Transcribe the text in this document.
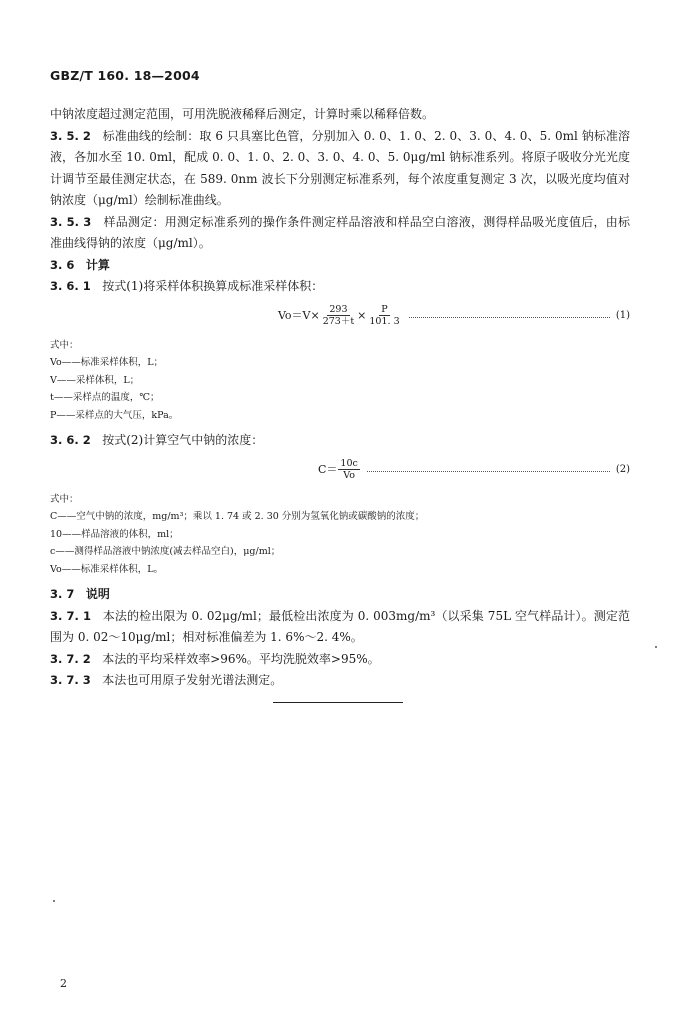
GBZ/T 160. 18—2004

中钠浓度超过测定范围，可用洗脱液稀释后测定，计算时乘以稀释倍数。

3. 5. 2 标准曲线的绘制：取 6 只具塞比色管，分别加入 0. 0、1. 0、2. 0、3. 0、4. 0、5. 0ml 钠标准溶液，各加水至 10. 0ml，配成 0. 0、1. 0、2. 0、3. 0、4. 0、5. 0μg/ml 钠标准系列。将原子吸收分光光度计调节至最佳测定状态，在 589. 0nm 波长下分别测定标准系列，每个浓度重复测定 3 次，以吸光度均值对钠浓度（μg/ml）绘制标准曲线。

3. 5. 3 样品测定：用测定标准系列的操作条件测定样品溶液和样品空白溶液，测得样品吸光度值后，由标准曲线得钠的浓度（μg/ml）。

3. 6 计算

3. 6. 1 按式(1)将采样体积换算成标准采样体积：

$Vo=V\times \frac{293}{273+t} \times \frac{P}{101. 3}$	(1)

式中：

Vo——标准采样体积，L；

V——采样体积，L；

t——采样点的温度，℃；

P——采样点的大气压，kPa。

3. 6. 2 按式(2)计算空气中钠的浓度：

$C= \frac{10c}{Vo}$	(2)

式中：

C——空气中钠的浓度，mg/m³；乘以 1. 74 或 2. 30 分别为氢氧化钠或碳酸钠的浓度；

10——样品溶液的体积，ml；

c——测得样品溶液中钠浓度(减去样品空白)，μg/ml；

Vo——标准采样体积，L。

3. 7 说明

3. 7. 1 本法的检出限为 0. 02μg/ml；最低检出浓度为 0. 003mg/m³（以采集 75L 空气样品计）。测定范围为 0. 02～10μg/ml；相对标准偏差为 1. 6%～2. 4%。

3. 7. 2 本法的平均采样效率>96%。平均洗脱效率>95%。

3. 7. 3 本法也可用原子发射光谱法测定。

2
